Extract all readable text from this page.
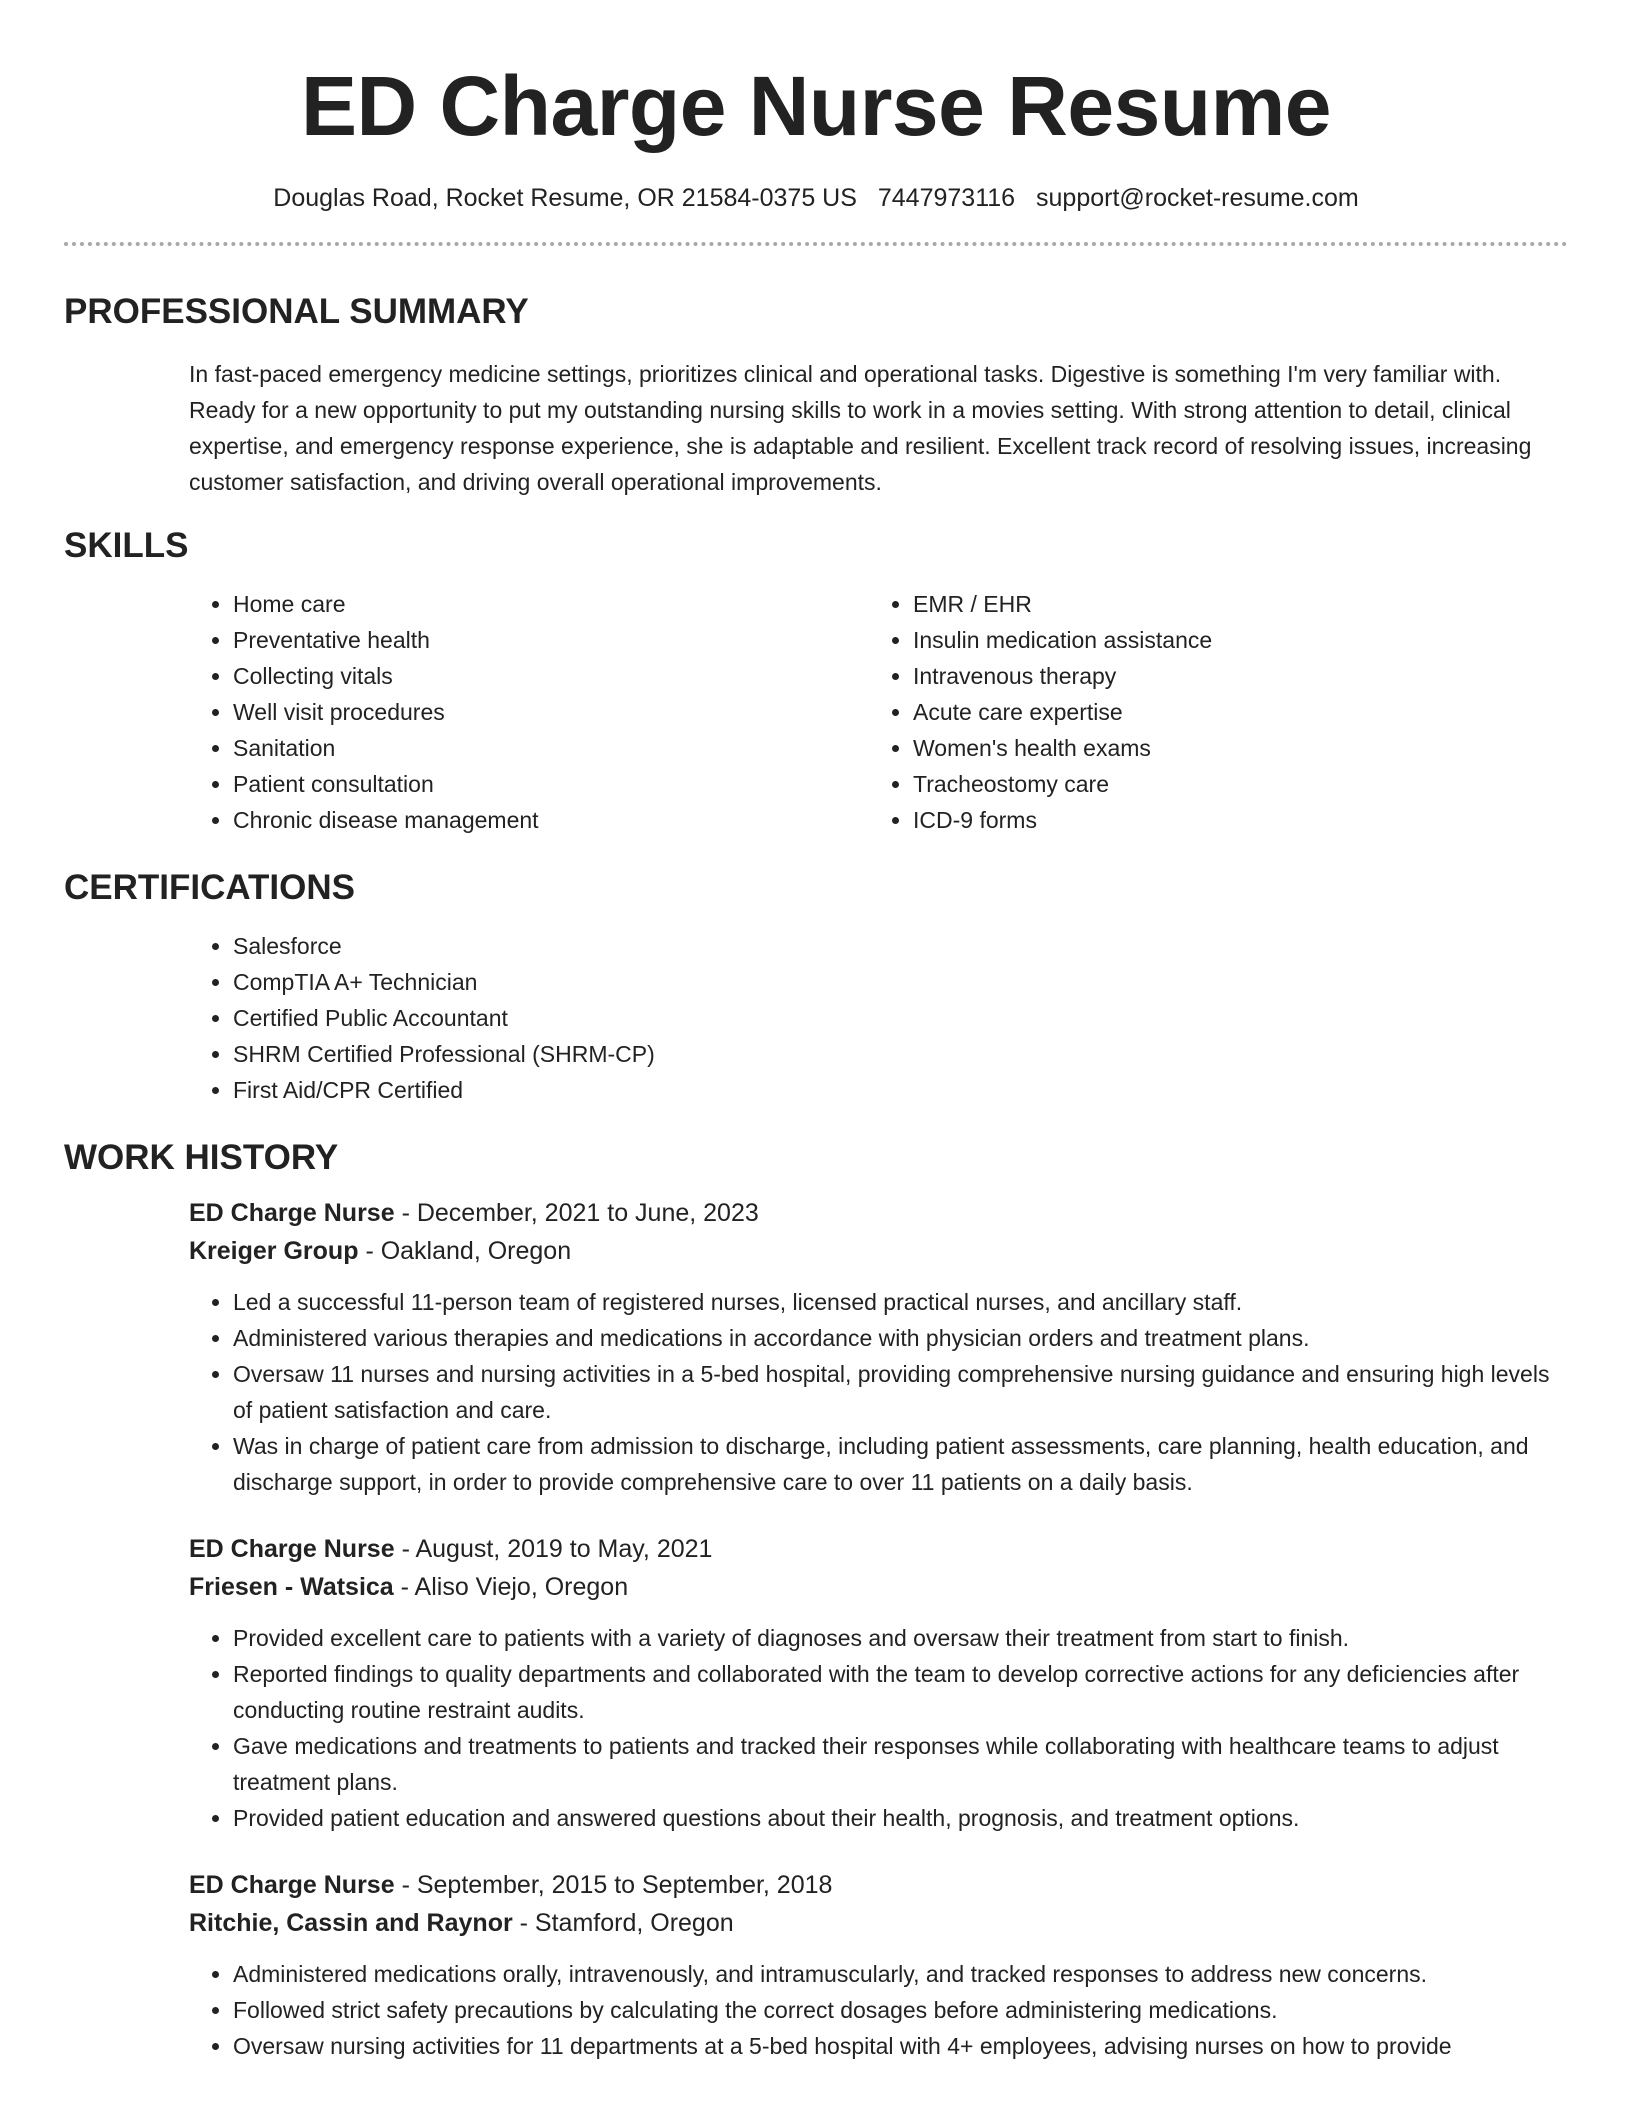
ED Charge Nurse Resume
Douglas Road, Rocket Resume, OR 21584-0375 US 7447973116 support@rocket-resume.com
PROFESSIONAL SUMMARY
In fast-paced emergency medicine settings, prioritizes clinical and operational tasks. Digestive is something I'm very familiar with. Ready for a new opportunity to put my outstanding nursing skills to work in a movies setting. With strong attention to detail, clinical expertise, and emergency response experience, she is adaptable and resilient. Excellent track record of resolving issues, increasing customer satisfaction, and driving overall operational improvements.
SKILLS
• Home care
• Preventative health
• Collecting vitals
• Well visit procedures
• Sanitation
• Patient consultation
• Chronic disease management
• EMR / EHR
• Insulin medication assistance
• Intravenous therapy
• Acute care expertise
• Women's health exams
• Tracheostomy care
• ICD-9 forms
CERTIFICATIONS
• Salesforce
• CompTIA A+ Technician
• Certified Public Accountant
• SHRM Certified Professional (SHRM-CP)
• First Aid/CPR Certified
WORK HISTORY
ED Charge Nurse - December, 2021 to June, 2023
Kreiger Group - Oakland, Oregon
• Led a successful 11-person team of registered nurses, licensed practical nurses, and ancillary staff.
• Administered various therapies and medications in accordance with physician orders and treatment plans.
• Oversaw 11 nurses and nursing activities in a 5-bed hospital, providing comprehensive nursing guidance and ensuring high levels of patient satisfaction and care.
• Was in charge of patient care from admission to discharge, including patient assessments, care planning, health education, and discharge support, in order to provide comprehensive care to over 11 patients on a daily basis.
ED Charge Nurse - August, 2019 to May, 2021
Friesen - Watsica - Aliso Viejo, Oregon
• Provided excellent care to patients with a variety of diagnoses and oversaw their treatment from start to finish.
• Reported findings to quality departments and collaborated with the team to develop corrective actions for any deficiencies after conducting routine restraint audits.
• Gave medications and treatments to patients and tracked their responses while collaborating with healthcare teams to adjust treatment plans.
• Provided patient education and answered questions about their health, prognosis, and treatment options.
ED Charge Nurse - September, 2015 to September, 2018
Ritchie, Cassin and Raynor - Stamford, Oregon
• Administered medications orally, intravenously, and intramuscularly, and tracked responses to address new concerns.
• Followed strict safety precautions by calculating the correct dosages before administering medications.
• Oversaw nursing activities for 11 departments at a 5-bed hospital with 4+ employees, advising nurses on how to provide
